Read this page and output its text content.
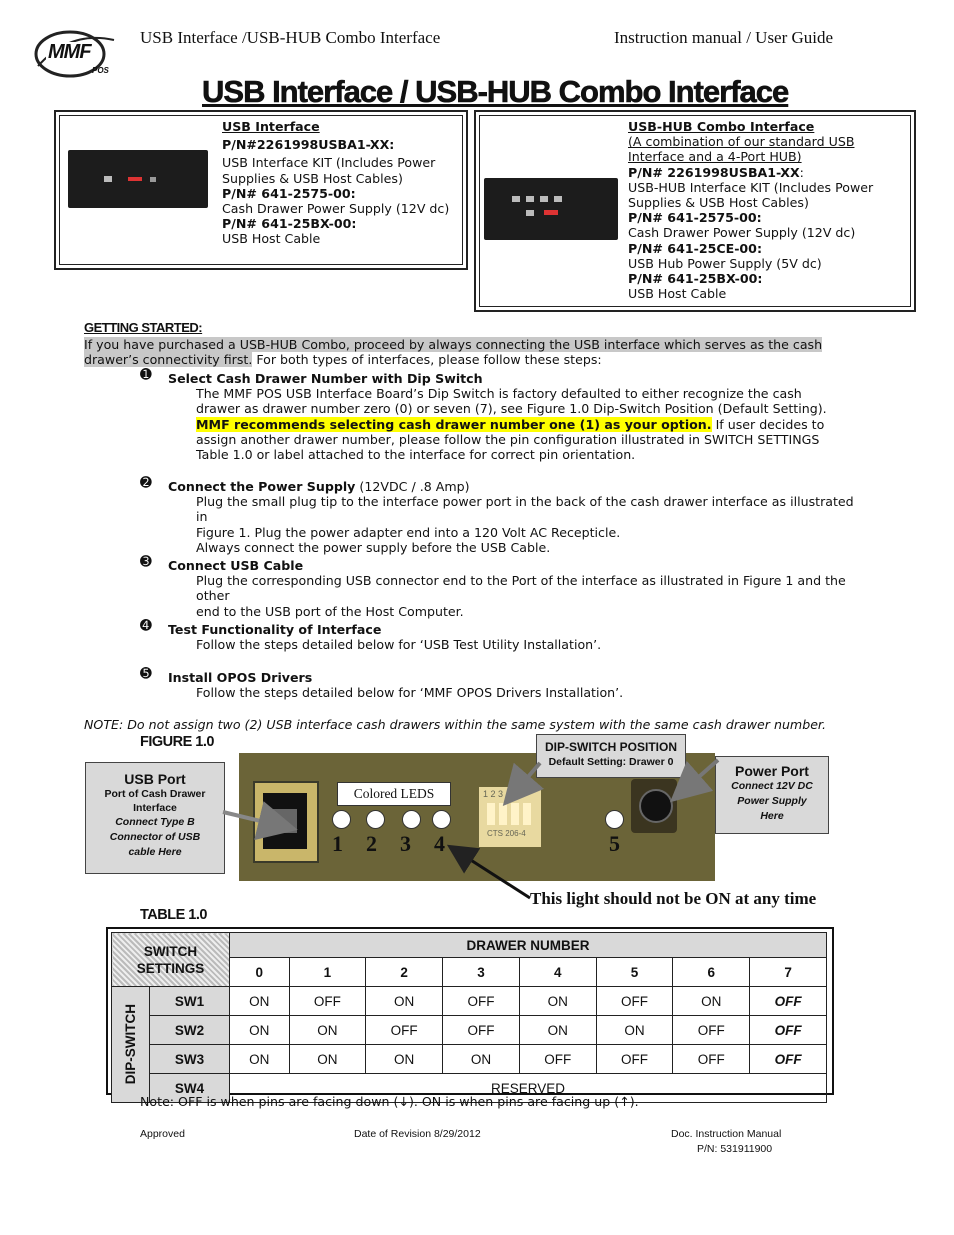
MMF
POS
USB Interface /USB-HUB Combo Interface	Instruction manual / User Guide
USB Interface / USB-HUB Combo Interface
USB Interface
P/N#2261998USBA1-XX:
USB Interface KIT (Includes Power Supplies & USB Host Cables)
P/N# 641-2575-00:
Cash Drawer Power Supply (12V dc)
P/N# 641-25BX-00:
USB Host Cable
USB-HUB Combo Interface
(A combination of our standard USB Interface and a 4-Port HUB)
P/N# 2261998USBA1-XX:
USB-HUB Interface KIT (Includes Power Supplies & USB Host Cables)
P/N# 641-2575-00:
Cash Drawer Power Supply (12V dc)
P/N# 641-25CE-00:
USB Hub Power Supply (5V dc)
P/N# 641-25BX-00:
USB Host Cable
GETTING STARTED:
If you have purchased a USB-HUB Combo, proceed by always connecting the USB interface which serves as the cash drawer’s connectivity first. For both types of interfaces, please follow these steps:
➊ Select Cash Drawer Number with Dip Switch
The MMF POS USB Interface Board’s Dip Switch is factory defaulted to either recognize the cash
drawer as drawer number zero (0) or seven (7), see Figure 1.0 Dip-Switch Position (Default Setting).
MMF recommends selecting cash drawer number one (1) as your option. If user decides to
assign another drawer number, please follow the pin configuration illustrated in SWITCH SETTINGS
Table 1.0 or label attached to the interface for correct pin orientation.
➋ Connect the Power Supply (12VDC / .8 Amp)
Plug the small plug tip to the interface power port in the back of the cash drawer interface as illustrated in
Figure 1. Plug the power adapter end into a 120 Volt AC Recepticle.
Always connect the power supply before the USB Cable.
➌ Connect USB Cable
Plug the corresponding USB connector end to the Port of the interface as illustrated in Figure 1 and the other
end to the USB port of the Host Computer.
➍ Test Functionality of Interface
Follow the steps detailed below for ‘USB Test Utility Installation’.
➎ Install OPOS Drivers
Follow the steps detailed below for ‘MMF OPOS Drivers Installation’.
NOTE: Do not assign two (2) USB interface cash drawers within the same system with the same cash drawer number.
FIGURE 1.0
Colored LEDS
1 2 3 4	5
1 2 3 4
CTS 206-4
USB Port
Port of Cash Drawer Interface
Connect Type B Connector of USB cable Here
DIP-SWITCH POSITION
Default Setting: Drawer 0
Power Port
Connect 12V DC Power Supply Here
This light should not be ON at any time
TABLE 1.0
SWITCH SETTINGS		DRAWER NUMBER							
		0	1	2	3	4	5	6	7

DIP-SWITCH	SW1	ON	OFF	ON	OFF	ON	OFF	ON	OFF
	SW2	ON	ON	OFF	OFF	ON	ON	OFF	OFF
	SW3	ON	ON	ON	ON	OFF	OFF	OFF	OFF
	SW4	RESERVED							
Note: OFF is when pins are facing down (↓). ON is when pins are facing up (↑).
Approved	Date of Revision 8/29/2012	Doc. Instruction Manual
P/N: 531911900
